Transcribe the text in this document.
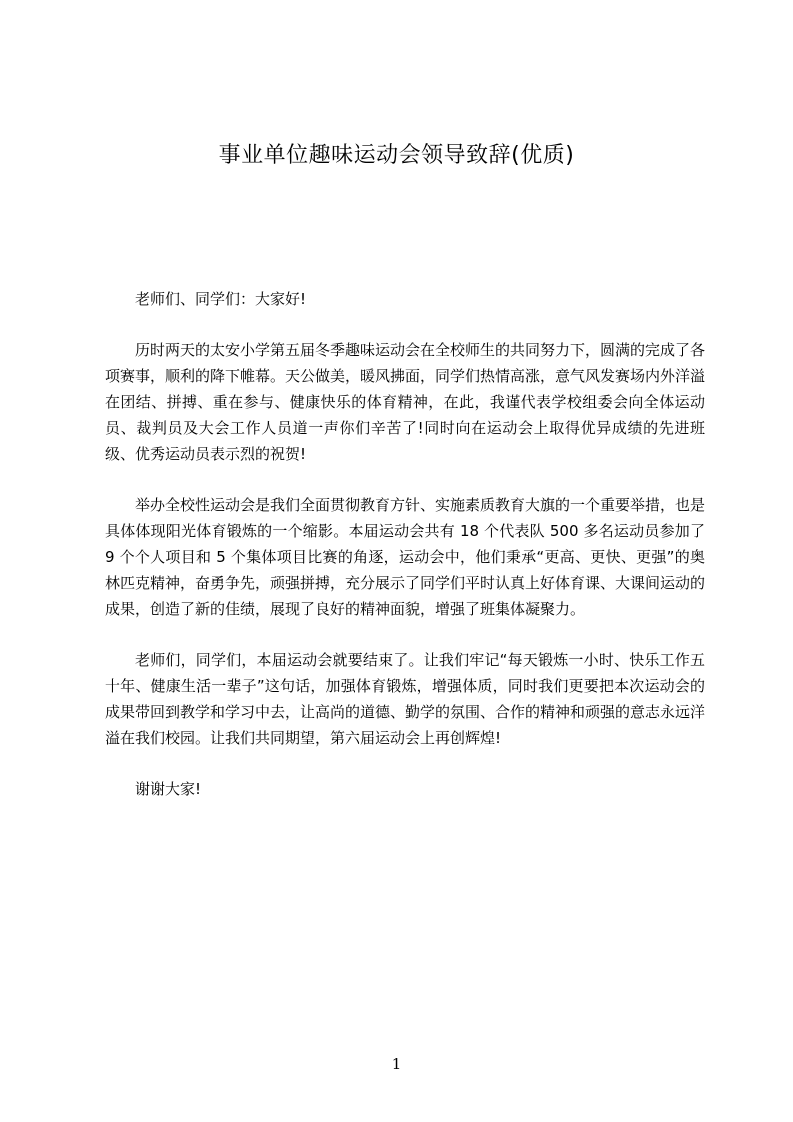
事业单位趣味运动会领导致辞(优质)

老师们、同学们：大家好!

历时两天的太安小学第五届冬季趣味运动会在全校师生的共同努力下，圆满的完成了各项赛事，顺利的降下帷幕。天公做美，暖风拂面，同学们热情高涨，意气风发赛场内外洋溢在团结、拼搏、重在参与、健康快乐的体育精神，在此，我谨代表学校组委会向全体运动员、裁判员及大会工作人员道一声你们辛苦了!同时向在运动会上取得优异成绩的先进班级、优秀运动员表示烈的祝贺!

举办全校性运动会是我们全面贯彻教育方针、实施素质教育大旗的一个重要举措，也是具体体现阳光体育锻炼的一个缩影。本届运动会共有 18 个代表队 500 多名运动员参加了 9 个个人项目和 5 个集体项目比赛的角逐，运动会中，他们秉承“更高、更快、更强”的奥林匹克精神，奋勇争先，顽强拼搏，充分展示了同学们平时认真上好体育课、大课间运动的成果，创造了新的佳绩，展现了良好的精神面貌，增强了班集体凝聚力。

老师们，同学们，本届运动会就要结束了。让我们牢记“每天锻炼一小时、快乐工作五十年、健康生活一辈子”这句话，加强体育锻炼，增强体质，同时我们更要把本次运动会的成果带回到教学和学习中去，让高尚的道德、勤学的氛围、合作的精神和顽强的意志永远洋溢在我们校园。让我们共同期望，第六届运动会上再创辉煌!

谢谢大家!

1
